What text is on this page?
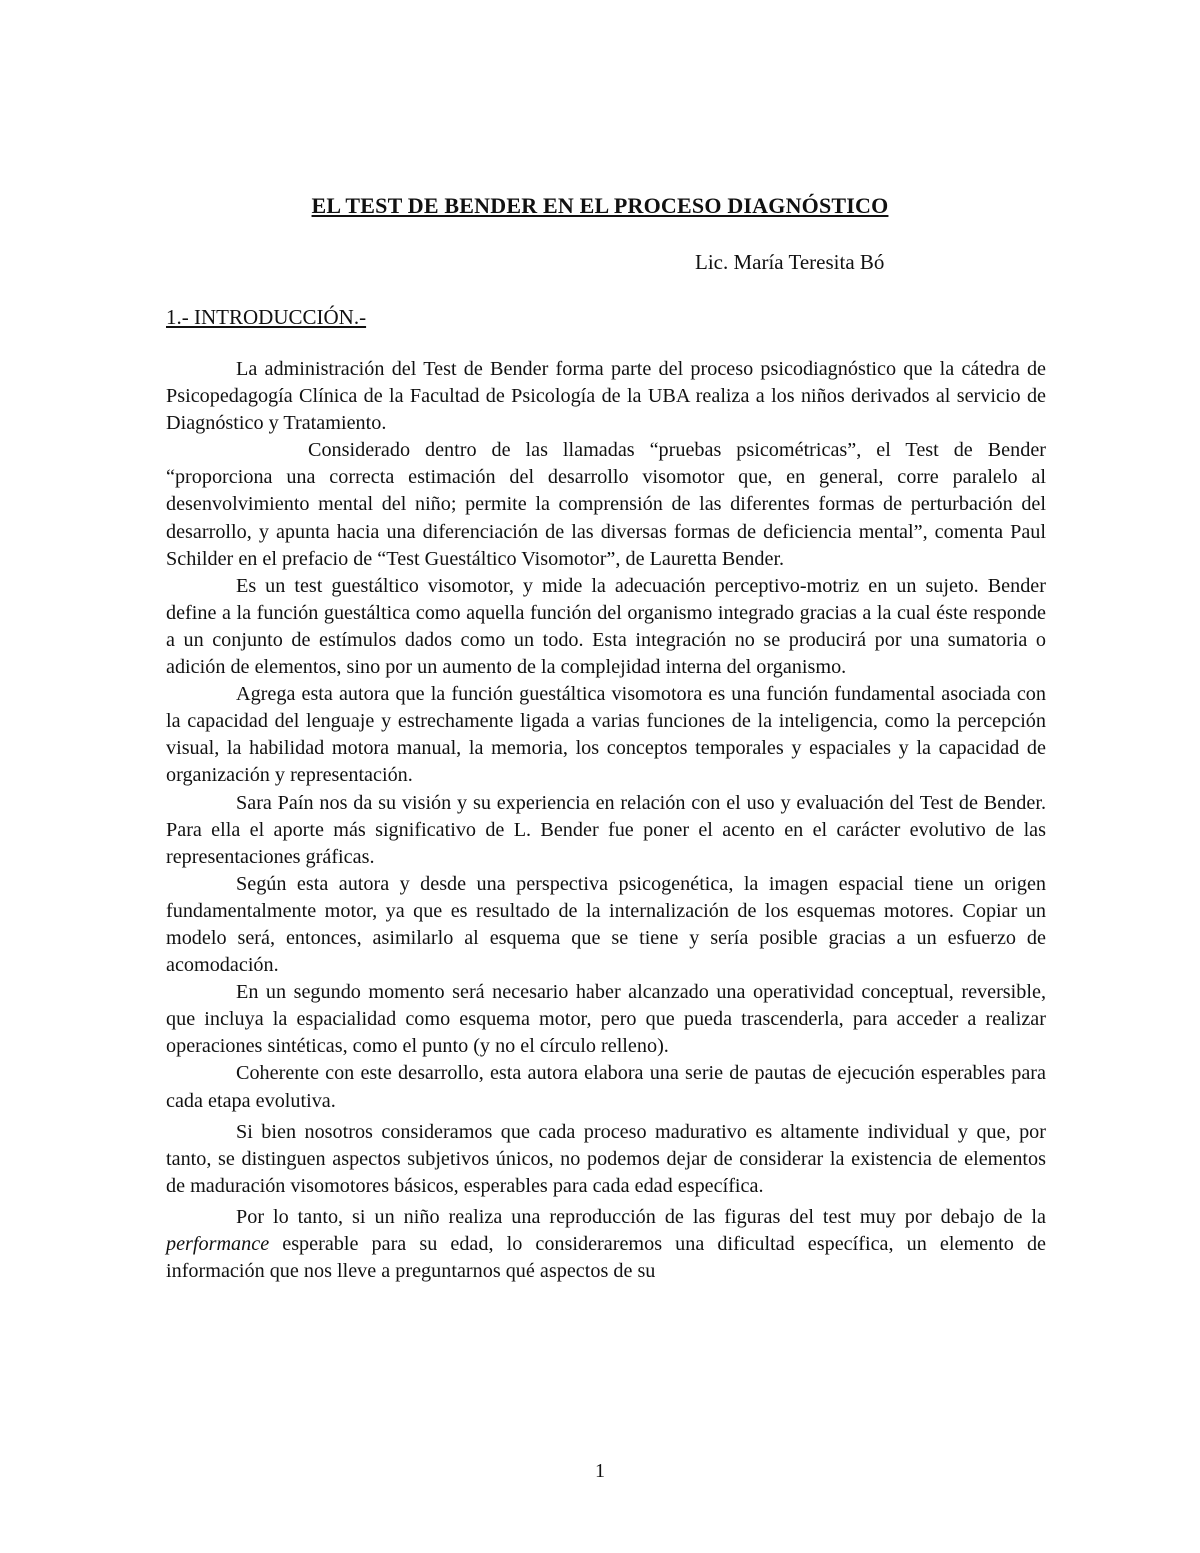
EL TEST DE BENDER EN EL PROCESO DIAGNÓSTICO
Lic. María Teresita Bó
1.- INTRODUCCIÓN.-

La administración del Test de Bender forma parte del proceso psicodiagnóstico que la cátedra de Psicopedagogía Clínica de la Facultad de Psicología de la UBA realiza a los niños derivados al servicio de Diagnóstico y Tratamiento.

Considerado dentro de las llamadas “pruebas psicométricas”, el Test de Bender “proporciona una correcta estimación del desarrollo visomotor que, en general, corre paralelo al desenvolvimiento mental del niño; permite la comprensión de las diferentes formas de perturbación del desarrollo, y apunta hacia una diferenciación de las diversas formas de deficiencia mental”, comenta Paul Schilder en el prefacio de “Test Guestáltico Visomotor”, de Lauretta Bender.

Es un test guestáltico visomotor, y mide la adecuación perceptivo-motriz en un sujeto. Bender define a la función guestáltica como aquella función del organismo integrado gracias a la cual éste responde a un conjunto de estímulos dados como un todo. Esta integración no se producirá por una sumatoria o adición de elementos, sino por un aumento de la complejidad interna del organismo.

Agrega esta autora que la función guestáltica visomotora es una función fundamental asociada con la capacidad del lenguaje y estrechamente ligada a varias funciones de la inteligencia, como la percepción visual, la habilidad motora manual, la memoria, los conceptos temporales y espaciales y la capacidad de organización y representación.

Sara Paín nos da su visión y su experiencia en relación con el uso y evaluación del Test de Bender. Para ella el aporte más significativo de L. Bender fue poner el acento en el carácter evolutivo de las representaciones gráficas.

Según esta autora y desde una perspectiva psicogenética, la imagen espacial tiene un origen fundamentalmente motor, ya que es resultado de la internalización de los esquemas motores. Copiar un modelo será, entonces, asimilarlo al esquema que se tiene y sería posible gracias a un esfuerzo de acomodación.

En un segundo momento será necesario haber alcanzado una operatividad conceptual, reversible, que incluya la espacialidad como esquema motor, pero que pueda trascenderla, para acceder a realizar operaciones sintéticas, como el punto (y no el círculo relleno).

Coherente con este desarrollo, esta autora elabora una serie de pautas de ejecución esperables para cada etapa evolutiva.

Si bien nosotros consideramos que cada proceso madurativo es altamente individual y que, por tanto, se distinguen aspectos subjetivos únicos, no podemos dejar de considerar la existencia de elementos de maduración visomotores básicos, esperables para cada edad específica.

Por lo tanto, si un niño realiza una reproducción de las figuras del test muy por debajo de la performance esperable para su edad, lo consideraremos una dificultad específica, un elemento de información que nos lleve a preguntarnos qué aspectos de su

1
